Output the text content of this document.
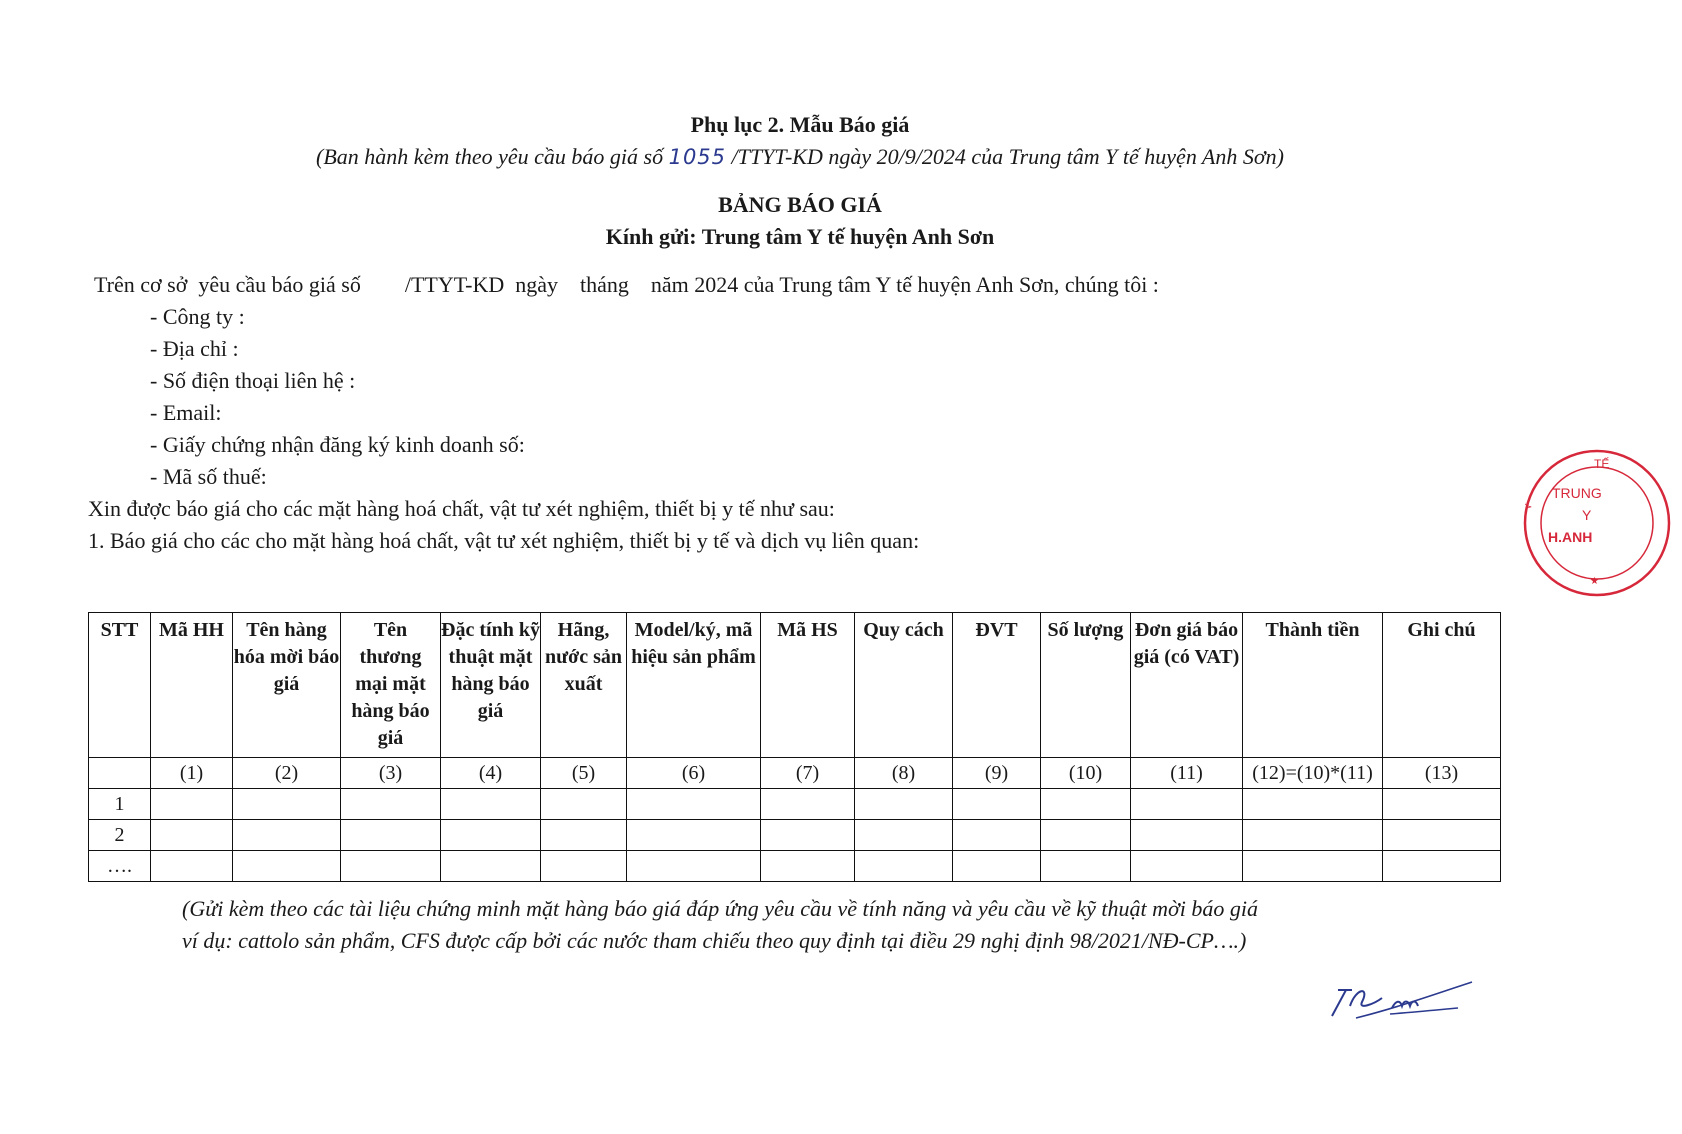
Phụ lục 2. Mẫu Báo giá
(Ban hành kèm theo yêu cầu báo giá số 1055 /TTYT-KD ngày 20/9/2024 của Trung tâm Y tế huyện Anh Sơn)
BẢNG BÁO GIÁ
Kính gửi: Trung tâm Y tế huyện Anh Sơn
Trên cơ sở  yêu cầu báo giá số        /TTYT-KD  ngày    tháng    năm 2024 của Trung tâm Y tế huyện Anh Sơn, chúng tôi :
- Công ty :
- Địa chỉ :
- Số điện thoại liên hệ :
- Email:
- Giấy chứng nhận đăng ký kinh doanh số:
- Mã số thuế:
Xin được báo giá cho các mặt hàng hoá chất, vật tư xét nghiệm, thiết bị y tế như sau:
1. Báo giá cho các cho mặt hàng hoá chất, vật tư xét nghiệm, thiết bị y tế và dịch vụ liên quan:
STT	Mã HH	Tên hàng hóa mời báo giá	Tên thương mại mặt hàng báo giá	Đặc tính kỹ thuật mặt hàng báo giá	Hãng, nước sản xuất	Model/ký, mã hiệu sản phẩm	Mã HS	Quy cách	ĐVT	Số lượng	Đơn giá báo giá (có VAT)	Thành tiền	Ghi chú
	(1)	(2)	(3)	(4)	(5)	(6)	(7)	(8)	(9)	(10)	(11)	(12)=(10)*(11)	(13)
1													
2													
….													
(Gửi kèm theo các tài liệu chứng minh mặt hàng báo giá đáp ứng yêu cầu về tính năng và yêu cầu về kỹ thuật mời báo giá
ví dụ: cattolo sản phẩm, CFS được cấp bởi các nước tham chiếu theo quy định tại điều 29 nghị định 98/2021/NĐ-CP….)
TẾ
TRUNG
Y
H.ANH
≻
★
